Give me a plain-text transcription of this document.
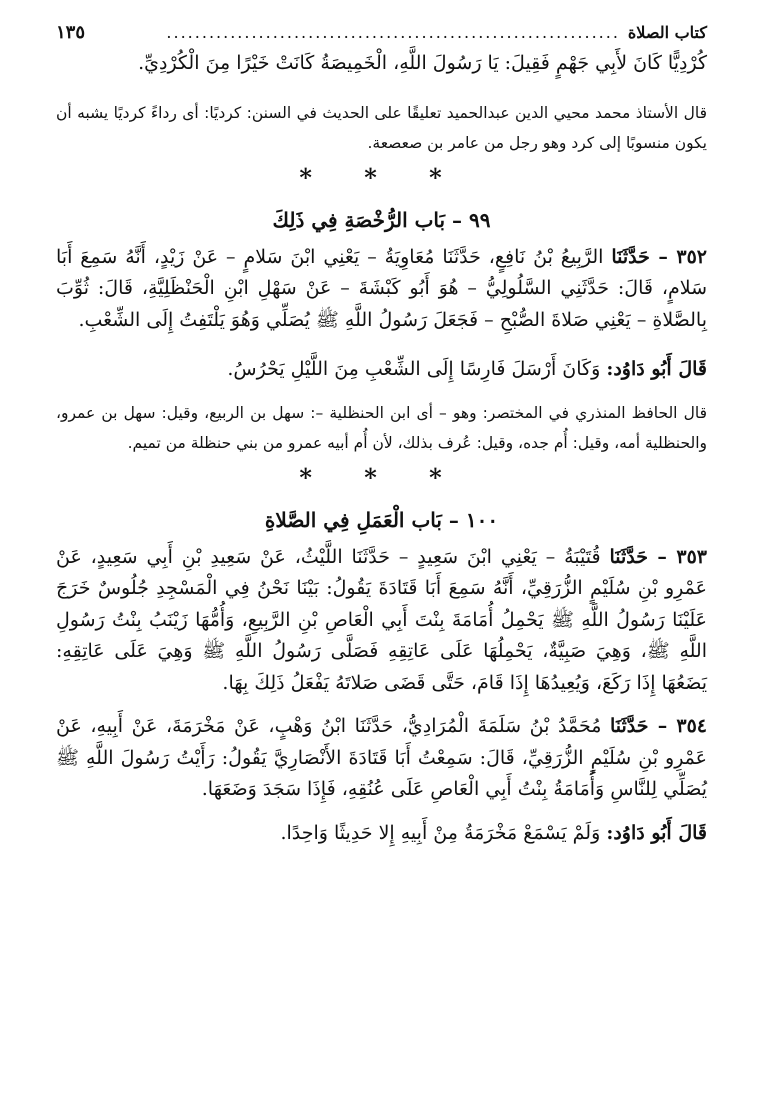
كتاب الصلاة
................................................................
١٣٥

كُرْدِيًّا كَانَ لأَبِي جَهْمٍ فَقِيلَ: يَا رَسُولَ اللَّهِ، الْخَمِيصَةُ كَانَتْ خَيْرًا مِنَ الْكُرْدِيِّ.

قال الأستاذ محمد محيي الدين عبدالحميد تعليقًا على الحديث في السنن: كرديًا: أى رداءً كرديًا يشبه أن يكون منسوبًا إلى كرد وهو رجل من عامر بن صعصعة.

* * *

٩٩ – بَاب الرُّخْصَةِ فِي ذَلِكَ

٣٥٢ – حَدَّثَنَا الرَّبِيعُ بْنُ نَافِعٍ، حَدَّثَنَا مُعَاوِيَةُ – يَعْنِي ابْنَ سَلامٍ – عَنْ زَيْدٍ، أَنَّهُ سَمِعَ أَبَا سَلامٍ، قَالَ: حَدَّثَنِي السَّلُولِيُّ – هُوَ أَبُو كَبْشَةَ – عَنْ سَهْلِ ابْنِ الْحَنْظَلِيَّةِ، قَالَ: ثُوِّبَ بِالصَّلاةِ – يَعْنِي صَلاةَ الصُّبْحِ – فَجَعَلَ رَسُولُ اللَّهِ ﷺ يُصَلِّي وَهُوَ يَلْتَفِتُ إِلَى الشِّعْبِ.

قَالَ أَبُو دَاوُد: وَكَانَ أَرْسَلَ فَارِسًا إِلَى الشِّعْبِ مِنَ اللَّيْلِ يَحْرُسُ.

قال الحافظ المنذري في المختصر: وهو – أى ابن الحنظلية –: سهل بن الربيع، وقيل: سهل بن عمرو، والحنظلية أمه، وقيل: أُم جده، وقيل: عُرف بذلك، لأن أُم أبيه عمرو من بني حنظلة من تميم.

* * *

١٠٠ – بَاب الْعَمَلِ فِي الصَّلاةِ

٣٥٣ – حَدَّثَنَا قُتَيْبَةُ – يَعْنِي ابْنَ سَعِيدٍ – حَدَّثَنَا اللَّيْثُ، عَنْ سَعِيدِ بْنِ أَبِي سَعِيدٍ، عَنْ عَمْرِو بْنِ سُلَيْمٍ الزُّرَقِيِّ، أَنَّهُ سَمِعَ أَبَا قَتَادَةَ يَقُولُ: بَيْنَا نَحْنُ فِي الْمَسْجِدِ جُلُوسٌ خَرَجَ عَلَيْنَا رَسُولُ اللَّهِ ﷺ يَحْمِلُ أُمَامَةَ بِنْتَ أَبِي الْعَاصِ بْنِ الرَّبِيعِ، وَأُمُّهَا زَيْنَبُ بِنْتُ رَسُولِ اللَّهِ ﷺ، وَهِيَ صَبِيَّةٌ، يَحْمِلُهَا عَلَى عَاتِقِهِ فَصَلَّى رَسُولُ اللَّهِ ﷺ وَهِيَ عَلَى عَاتِقِهِ: يَضَعُهَا إِذَا رَكَعَ، وَيُعِيدُهَا إِذَا قَامَ، حَتَّى قَضَى صَلاتَهُ يَفْعَلُ ذَلِكَ بِهَا.

٣٥٤ – حَدَّثَنَا مُحَمَّدُ بْنُ سَلَمَةَ الْمُرَادِيُّ، حَدَّثَنَا ابْنُ وَهْبٍ، عَنْ مَخْرَمَةَ، عَنْ أَبِيهِ، عَنْ عَمْرِو بْنِ سُلَيْمٍ الزُّرَقِيِّ، قَالَ: سَمِعْتُ أَبَا قَتَادَةَ الأَنْصَارِيَّ يَقُولُ: رَأَيْتُ رَسُولَ اللَّهِ ﷺ يُصَلِّي لِلنَّاسِ وَأُمَامَةُ بِنْتُ أَبِي الْعَاصِ عَلَى عُنُقِهِ، فَإِذَا سَجَدَ وَضَعَهَا.

قَالَ أَبُو دَاوُد: وَلَمْ يَسْمَعْ مَخْرَمَةُ مِنْ أَبِيهِ إِلا حَدِيثًا وَاحِدًا.
